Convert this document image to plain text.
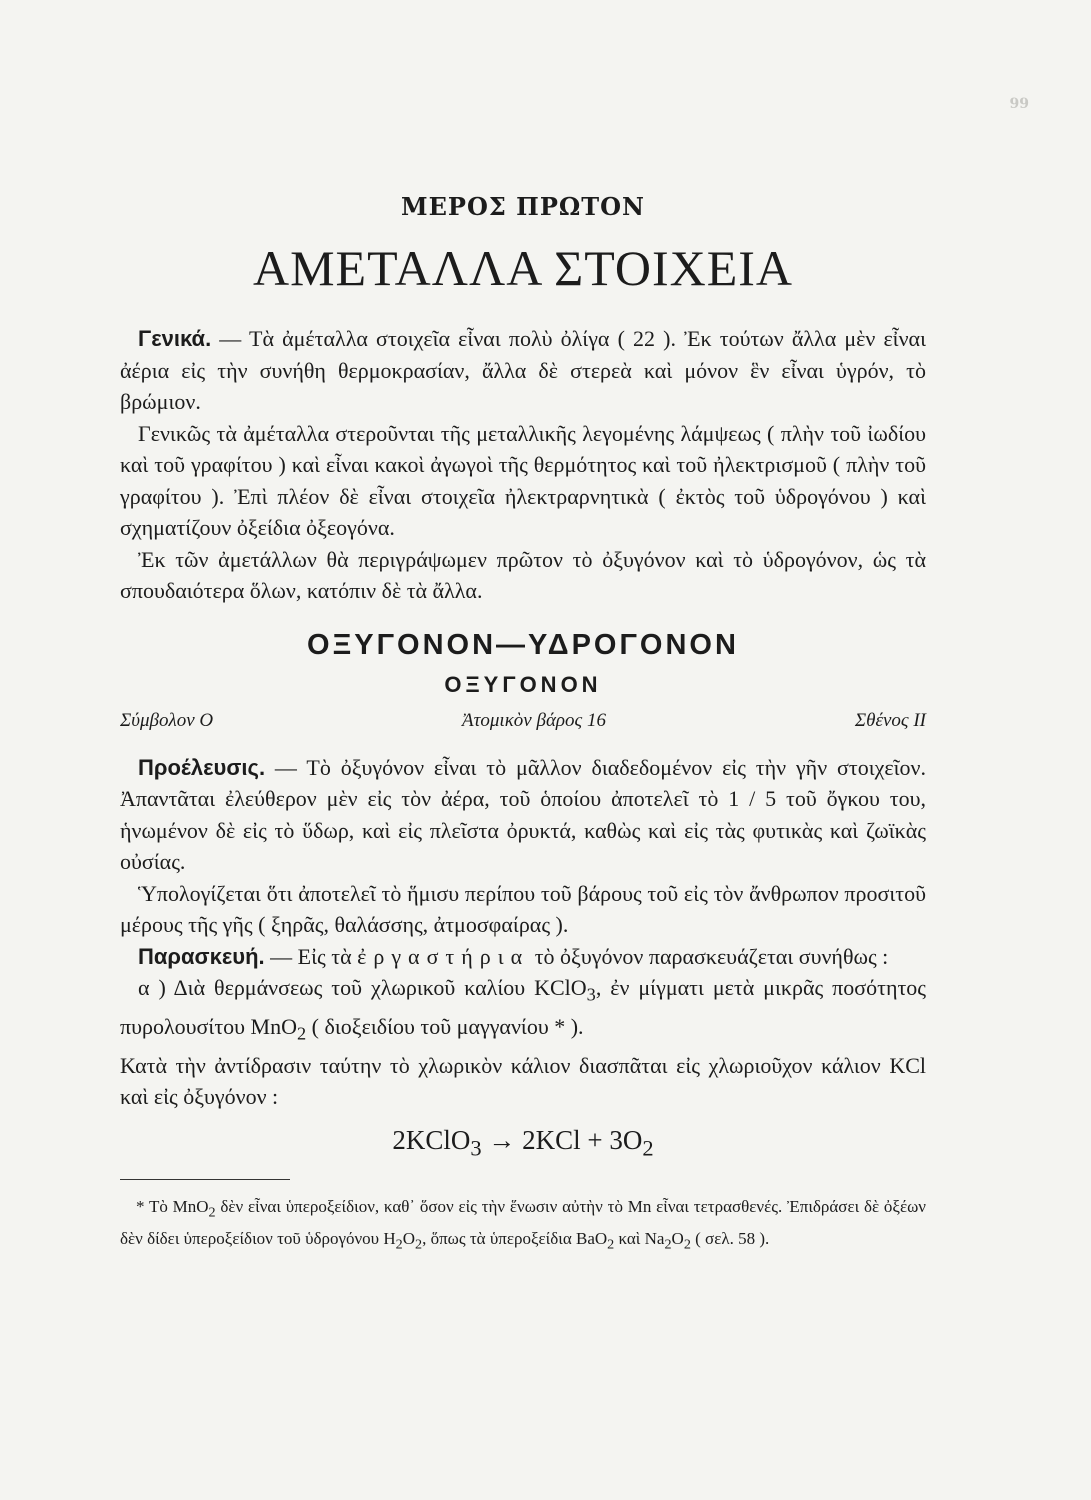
99
ΜΕΡΟΣ ΠΡΩΤΟΝ
ΑΜΕΤΑΛΛΑ ΣΤΟΙΧΕΙΑ

Γενικά. — Τὰ ἀμέταλλα στοιχεῖα εἶναι πολὺ ὀλίγα ( 22 ). Ἐκ τούτων ἄλλα μὲν εἶναι ἀέρια εἰς τὴν συνήθη θερμοκρασίαν, ἄλλα δὲ στερεὰ καὶ μόνον ἓν εἶναι ὑγρόν, τὸ βρώμιον.

Γενικῶς τὰ ἀμέταλλα στεροῦνται τῆς μεταλλικῆς λεγομένης λάμψεως ( πλὴν τοῦ ἰωδίου καὶ τοῦ γραφίτου ) καὶ εἶναι κακοὶ ἀγωγοὶ τῆς θερμότητος καὶ τοῦ ἠλεκτρισμοῦ ( πλὴν τοῦ γραφίτου ). Ἐπὶ πλέον δὲ εἶναι στοιχεῖα ἠλεκτραρνητικὰ ( ἐκτὸς τοῦ ὑδρογόνου ) καὶ σχηματίζουν ὀξείδια ὀξεογόνα.

Ἐκ τῶν ἀμετάλλων θὰ περιγράψωμεν πρῶτον τὸ ὀξυγόνον καὶ τὸ ὑδρογόνον, ὡς τὰ σπουδαιότερα ὅλων, κατόπιν δὲ τὰ ἄλλα.

ΟΞΥΓΟΝΟΝ—ΥΔΡΟΓΟΝΟΝ
ΟΞΥΓΟΝΟΝ
Σύμβολον Ο	Ἀτομικὸν βάρος 16	Σθένος ΙΙ

Προέλευσις. — Τὸ ὀξυγόνον εἶναι τὸ μᾶλλον διαδεδομένον εἰς τὴν γῆν στοιχεῖον. Ἀπαντᾶται ἐλεύθερον μὲν εἰς τὸν ἀέρα, τοῦ ὁποίου ἀποτελεῖ τὸ 1 / 5 τοῦ ὄγκου του, ἡνωμένον δὲ εἰς τὸ ὕδωρ, καὶ εἰς πλεῖστα ὀρυκτά, καθὼς καὶ εἰς τὰς φυτικὰς καὶ ζωϊκὰς οὐσίας.

Ὑπολογίζεται ὅτι ἀποτελεῖ τὸ ἥμισυ περίπου τοῦ βάρους τοῦ εἰς τὸν ἄνθρωπον προσιτοῦ μέρους τῆς γῆς ( ξηρᾶς, θαλάσσης, ἀτμοσφαίρας ).

Παρασκευή. — Εἰς τὰ ἐργαστήρια τὸ ὀξυγόνον παρασκευάζεται συνήθως :

α ) Διὰ θερμάνσεως τοῦ χλωρικοῦ καλίου KClO$_3$, ἐν μίγματι μετὰ μικρᾶς ποσότητος πυρολουσίτου MnO$_2$ ( διοξειδίου τοῦ μαγγανίου * ).

Κατὰ τὴν ἀντίδρασιν ταύτην τὸ χλωρικὸν κάλιον διασπᾶται εἰς χλωριοῦχον κάλιον KCl καὶ εἰς ὀξυγόνον :

2KClO$_3$ → $2KCl + 3O_2$
* Τὸ MnO$_2$ δὲν εἶναι ὑπεροξείδιον, καθ᾽ ὅσον εἰς τὴν ἕνωσιν αὐτὴν τὸ Mn εἶναι τετρασθενές. Ἐπιδράσει δὲ ὀξέων δὲν δίδει ὑπεροξείδιον τοῦ ὑδρογόνου $H_2O_2$, ὅπως τὰ ὑπεροξείδια BaO$_2$ καὶ $Na_2O_2$ ( σελ. 58 ).
